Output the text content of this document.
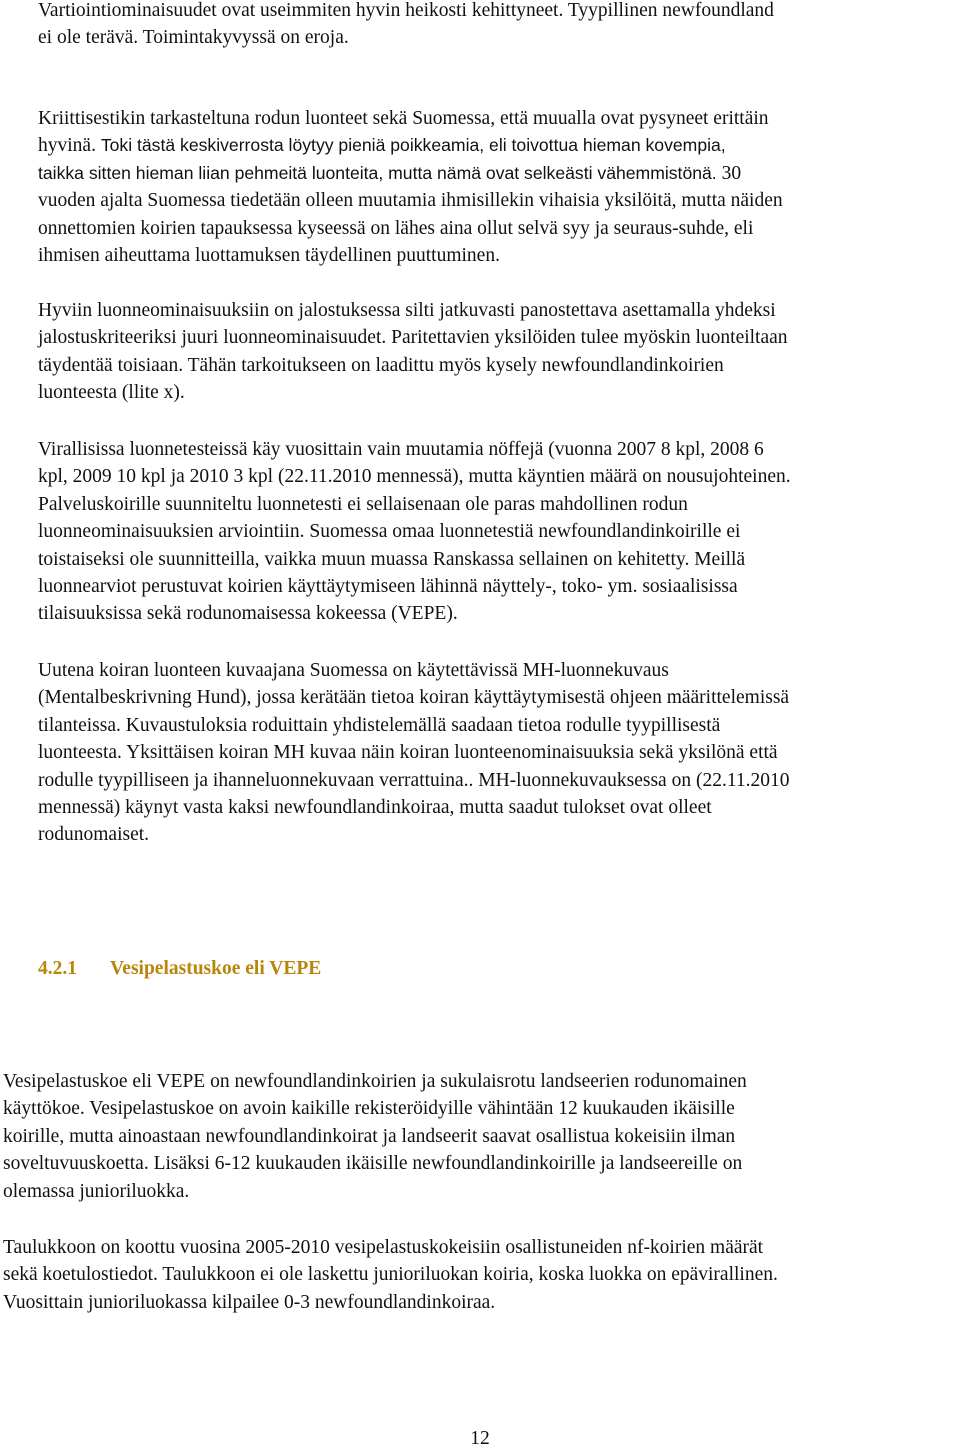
Vartiointiominaisuudet ovat useimmiten hyvin heikosti kehittyneet. Tyypillinen newfoundland
ei ole terävä. Toimintakyvyssä on eroja.

Kriittisestikin tarkasteltuna rodun luonteet sekä Suomessa, että muualla ovat pysyneet erittäin
hyvinä. Toki tästä keskiverrosta löytyy pieniä poikkeamia, eli toivottua hieman kovempia,
taikka sitten hieman liian pehmeitä luonteita, mutta nämä ovat selkeästi vähemmistönä. 30
vuoden ajalta Suomessa tiedetään olleen muutamia ihmisillekin vihaisia yksilöitä, mutta näiden
onnettomien koirien tapauksessa kyseessä on lähes aina ollut selvä syy ja seuraus-suhde, eli
ihmisen aiheuttama luottamuksen täydellinen puuttuminen.

Hyviin luonneominaisuuksiin on jalostuksessa silti jatkuvasti panostettava asettamalla yhdeksi
jalostuskriteeriksi juuri luonneominaisuudet. Paritettavien yksilöiden tulee myöskin luonteiltaan
täydentää toisiaan. Tähän tarkoitukseen on laadittu myös kysely newfoundlandinkoirien
luonteesta (llite x).

Virallisissa luonnetesteissä käy vuosittain vain muutamia nöffejä (vuonna 2007 8 kpl, 2008 6
kpl, 2009 10 kpl ja 2010 3 kpl (22.11.2010 mennessä), mutta käyntien määrä on nousujohteinen.
Palveluskoirille suunniteltu luonnetesti ei sellaisenaan ole paras mahdollinen rodun
luonneominaisuuksien arviointiin. Suomessa omaa luonnetestiä newfoundlandinkoirille ei
toistaiseksi ole suunnitteilla, vaikka muun muassa Ranskassa sellainen on kehitetty. Meillä
luonnearviot perustuvat koirien käyttäytymiseen lähinnä näyttely-, toko- ym. sosiaalisissa
tilaisuuksissa sekä rodunomaisessa kokeessa (VEPE).

Uutena koiran luonteen kuvaajana Suomessa on käytettävissä MH-luonnekuvaus
(Mentalbeskrivning Hund), jossa kerätään tietoa koiran käyttäytymisestä ohjeen määrittelemissä
tilanteissa. Kuvaustuloksia roduittain yhdistelemällä saadaan tietoa rodulle tyypillisestä
luonteesta. Yksittäisen koiran MH kuvaa näin koiran luonteenominaisuuksia sekä yksilönä että
rodulle tyypilliseen ja ihanneluonnekuvaan verrattuina.. MH-luonnekuvauksessa on (22.11.2010
mennessä) käynyt vasta kaksi newfoundlandinkoiraa, mutta saadut tulokset ovat olleet
rodunomaiset.

4.2.1 Vesipelastuskoe eli VEPE

Vesipelastuskoe eli VEPE on newfoundlandinkoirien ja sukulaisrotu landseerien rodunomainen
käyttökoe. Vesipelastuskoe on avoin kaikille rekisteröidyille vähintään 12 kuukauden ikäisille
koirille, mutta ainoastaan newfoundlandinkoirat ja landseerit saavat osallistua kokeisiin ilman
soveltuvuuskoetta. Lisäksi 6-12 kuukauden ikäisille newfoundlandinkoirille ja landseereille on
olemassa junioriluokka.

Taulukkoon on koottu vuosina 2005-2010 vesipelastuskokeisiin osallistuneiden nf-koirien määrät
sekä koetulostiedot. Taulukkoon ei ole laskettu junioriluokan koiria, koska luokka on epävirallinen.
Vuosittain junioriluokassa kilpailee 0-3 newfoundlandinkoiraa.

12
